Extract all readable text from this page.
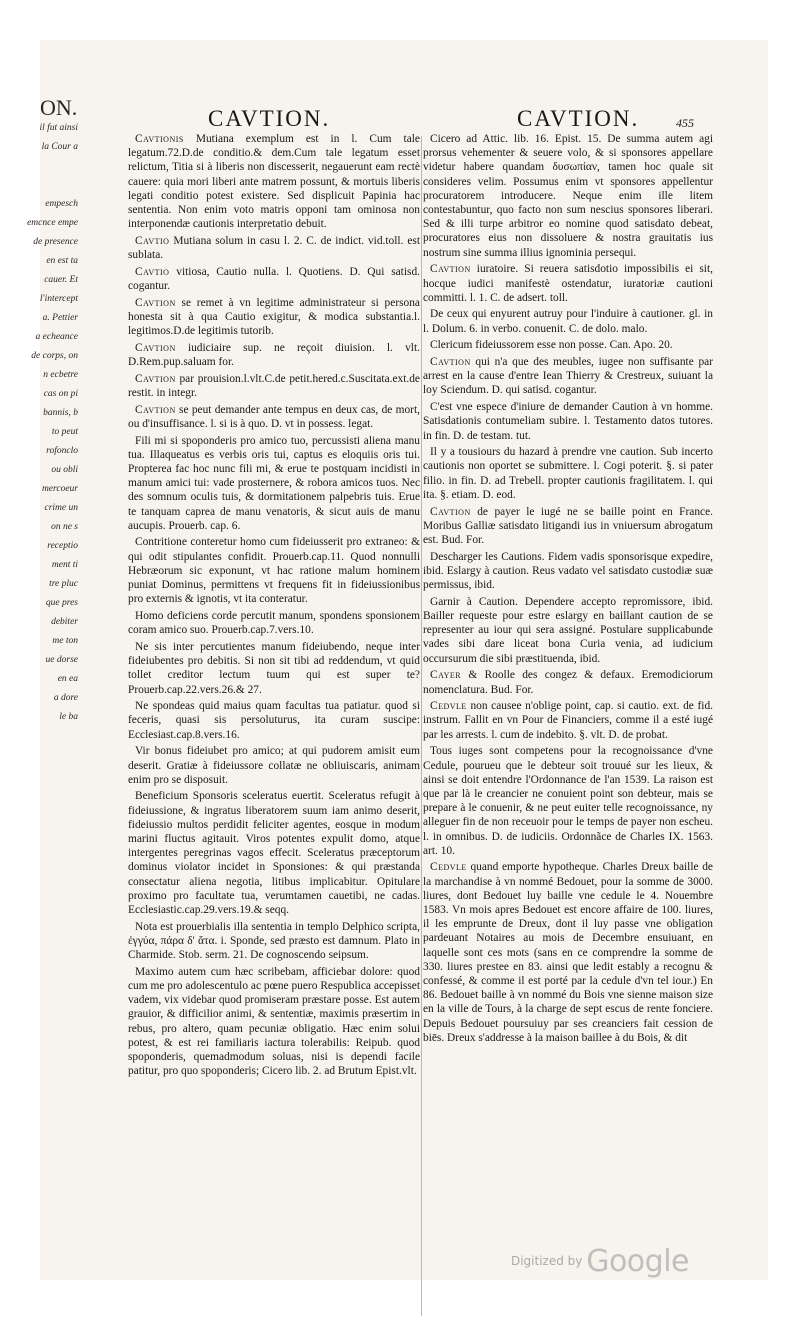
ON.
il fut ainsi
la Cour a

empesch
emcnce empe
de presence
en est ta
cauer. Et
l'intercept
a. Pettier
a echeance
de corps, on
n ecbetre
cas on pi
bannis, b
to peut
rofonclo
ou obli
mercoeur
crime un
on ne s
receptio
ment ti
tre pluc
que pres
debiter
me ton
ue dorse
en ea
a dore
le ba
CAVTION.	CAVTION.	455

Cavtionis Mutiana exemplum est in l. Cum tale legatum.72.D.de conditio.& dem.Cum tale legatum esset relictum, Titia si à liberis non discesserit, negauerunt eam rectè cauere: quia mori liberi ante matrem possunt, & mortuis liberis legati conditio potest existere. Sed displicuit Papinia hac sententia. Non enim voto matris opponi tam ominosa non interponendæ cautionis interpretatio debuit.

Cavtio Mutiana solum in casu l. 2. C. de indict. vid.toll. est sublata.

Cavtio vitiosa, Cautio nulla. l. Quotiens. D. Qui satisd. cogantur.

Cavtion se remet à vn legitime administrateur si persona honesta sit à qua Cautio exigitur, & modica substantia.l. legitimos.D.de legitimis tutorib.

Cavtion iudiciaire sup. ne reçoit diuision. l. vlt. D.Rem.pup.saluam for.

Cavtion par prouision.l.vlt.C.de petit.hered.c.Suscitata.ext.de restit. in integr.

Cavtion se peut demander ante tempus en deux cas, de mort, ou d'insuffisance. l. si is à quo. D. vt in possess. legat.

Fili mi si spoponderis pro amico tuo, percussisti aliena manu tua. Illaqueatus es verbis oris tui, captus es eloquiis oris tui. Propterea fac hoc nunc fili mi, & erue te postquam incidisti in manum amici tui: vade prosternere, & robora amicos tuos. Nec des somnum oculis tuis, & dormitationem palpebris tuis. Erue te tanquam caprea de manu venatoris, & sicut auis de manu aucupis. Prouerb. cap. 6.

Contritione conteretur homo cum fideiusserit pro extraneo: & qui odit stipulantes confidit. Prouerb.cap.11. Quod nonnulli Hebræorum sic exponunt, vt hac ratione malum hominem puniat Dominus, permittens vt frequens fit in fideiussionibus pro externis & ignotis, vt ita conteratur.

Homo deficiens corde percutit manum, spondens sponsionem coram amico suo. Prouerb.cap.7.vers.10.

Ne sis inter percutientes manum fideiubendo, neque inter fideiubentes pro debitis. Si non sit tibi ad reddendum, vt quid tollet creditor lectum tuum qui est super te? Prouerb.cap.22.vers.26.& 27.

Ne spondeas quid maius quam facultas tua patiatur. quod si feceris, quasi sis persoluturus, ita curam suscipe: Ecclesiast.cap.8.vers.16.

Vir bonus fideiubet pro amico; at qui pudorem amisit eum deserit. Gratiæ à fideiussore collatæ ne obliuiscaris, animam enim pro se disposuit.

Beneficium Sponsoris sceleratus euertit. Sceleratus refugit à fideiussione, & ingratus liberatorem suum iam animo deserit, fideiussio multos perdidit feliciter agentes, eosque in modum marini fluctus agitauit. Viros potentes expulit domo, atque intergentes peregrinas vagos effecit. Sceleratus præceptorum dominus violator incidet in Sponsiones: & qui præstanda consectatur aliena negotia, litibus implicabitur. Opitulare proximo pro facultate tua, verumtamen cauetibi, ne cadas. Ecclesiastic.cap.29.vers.19.& seqq.

Nota est prouerbialis illa sententia in templo Delphico scripta, ἐγγύα, πάρα δ' ἄτα. i. Sponde, sed præsto est damnum. Plato in Charmide. Stob. serm. 21. De cognoscendo seipsum.

Maximo autem cum hæc scribebam, afficiebar dolore: quod cum me pro adolescentulo ac pœne puero Respublica accepisset vadem, vix videbar quod promiseram præstare posse. Est autem grauior, & difficilior animi, & sententiæ, maximis præsertim in rebus, pro altero, quam pecuniæ obligatio. Hæc enim solui potest, & est rei familiaris iactura tolerabilis: Reipub. quod spoponderis, quemadmodum soluas, nisi is dependi facile patitur, pro quo spoponderis; Cicero lib. 2. ad Brutum Epist.vlt.

Cicero ad Attic. lib. 16. Epist. 15. De summa autem agi prorsus vehementer & seuere volo, & si sponsores appellare videtur habere quandam δυσωπίαν, tamen hoc quale sit consideres velim. Possumus enim vt sponsores appellentur procuratorem introducere. Neque enim ille litem contestabuntur, quo facto non sum nescius sponsores liberari. Sed & illi turpe arbitror eo nomine quod satisdato debeat, procuratores eius non dissoluere & nostra grauitatis ius nostrum sine summa illius ignominia persequi.

Cavtion iuratoire. Si reuera satisdotio impossibilis ei sit, hocque iudici manifestè ostendatur, iuratoriæ cautioni committi. l. 1. C. de adsert. toll.

De ceux qui enyurent autruy pour l'induire à cautioner. gl. in l. Dolum. 6. in verbo. conuenit. C. de dolo. malo.

Clericum fideiussorem esse non posse. Can. Apo. 20.

Cavtion qui n'a que des meubles, iugee non suffisante par arrest en la cause d'entre Iean Thierry & Crestreux, suiuant la loy Sciendum. D. qui satisd. cogantur.

C'est vne espece d'iniure de demander Caution à vn homme. Satisdationis contumeliam subire. l. Testamento datos tutores. in fin. D. de testam. tut.

Il y a tousiours du hazard à prendre vne caution. Sub incerto cautionis non oportet se submittere. l. Cogi poterit. §. si pater filio. in fin. D. ad Trebell. propter cautionis fragilitatem. l. qui ita. §. etiam. D. eod.

Cavtion de payer le iugé ne se baille point en France. Moribus Galliæ satisdato litigandi ius in vniuersum abrogatum est. Bud. For.

Descharger les Cautions. Fidem vadis sponsorisque expedire, ibid. Eslargy à caution. Reus vadato vel satisdato custodiæ suæ permissus, ibid.

Garnir à Caution. Dependere accepto repromissore, ibid. Bailler requeste pour estre eslargy en baillant caution de se representer au iour qui sera assigné. Postulare supplicabunde vades sibi dare liceat bona Curia venia, ad iudicium occursurum die sibi præstituenda, ibid.

Cayer & Roolle des congez & defaux. Eremodiciorum nomenclatura. Bud. For.

Cedvle non causee n'oblige point, cap. si cautio. ext. de fid. instrum. Fallit en vn Pour de Financiers, comme il a esté iugé par les arrests. l. cum de indebito. §. vlt. D. de probat.

Tous iuges sont competens pour la recognoissance d'vne Cedule, pourueu que le debteur soit trouué sur les lieux, & ainsi se doit entendre l'Ordonnance de l'an 1539. La raison est que par là le creancier ne conuient point son debteur, mais se prepare à le conuenir, & ne peut euiter telle recognoissance, ny alleguer fin de non receuoir pour le temps de payer non escheu. l. in omnibus. D. de iudiciis. Ordonnãce de Charles IX. 1563. art. 10.

Cedvle quand emporte hypotheque. Charles Dreux baille de la marchandise à vn nommé Bedouet, pour la somme de 3000. liures, dont Bedouet luy baille vne cedule le 4. Nouembre 1583. Vn mois apres Bedouet est encore affaire de 100. liures, il les emprunte de Dreux, dont il luy passe vne obligation pardeuant Notaires au mois de Decembre ensuiuant, en laquelle sont ces mots (sans en ce comprendre la somme de 330. liures prestee en 83. ainsi que ledit estably a recognu & confessé, & comme il est porté par la cedule d'vn tel iour.) En 86. Bedouet baille à vn nommé du Bois vne sienne maison size en la ville de Tours, à la charge de sept escus de rente fonciere. Depuis Bedouet poursuiuy par ses creanciers fait cession de biēs. Dreux s'addresse à la maison baillee à du Bois, & dit

Digitized by Google
